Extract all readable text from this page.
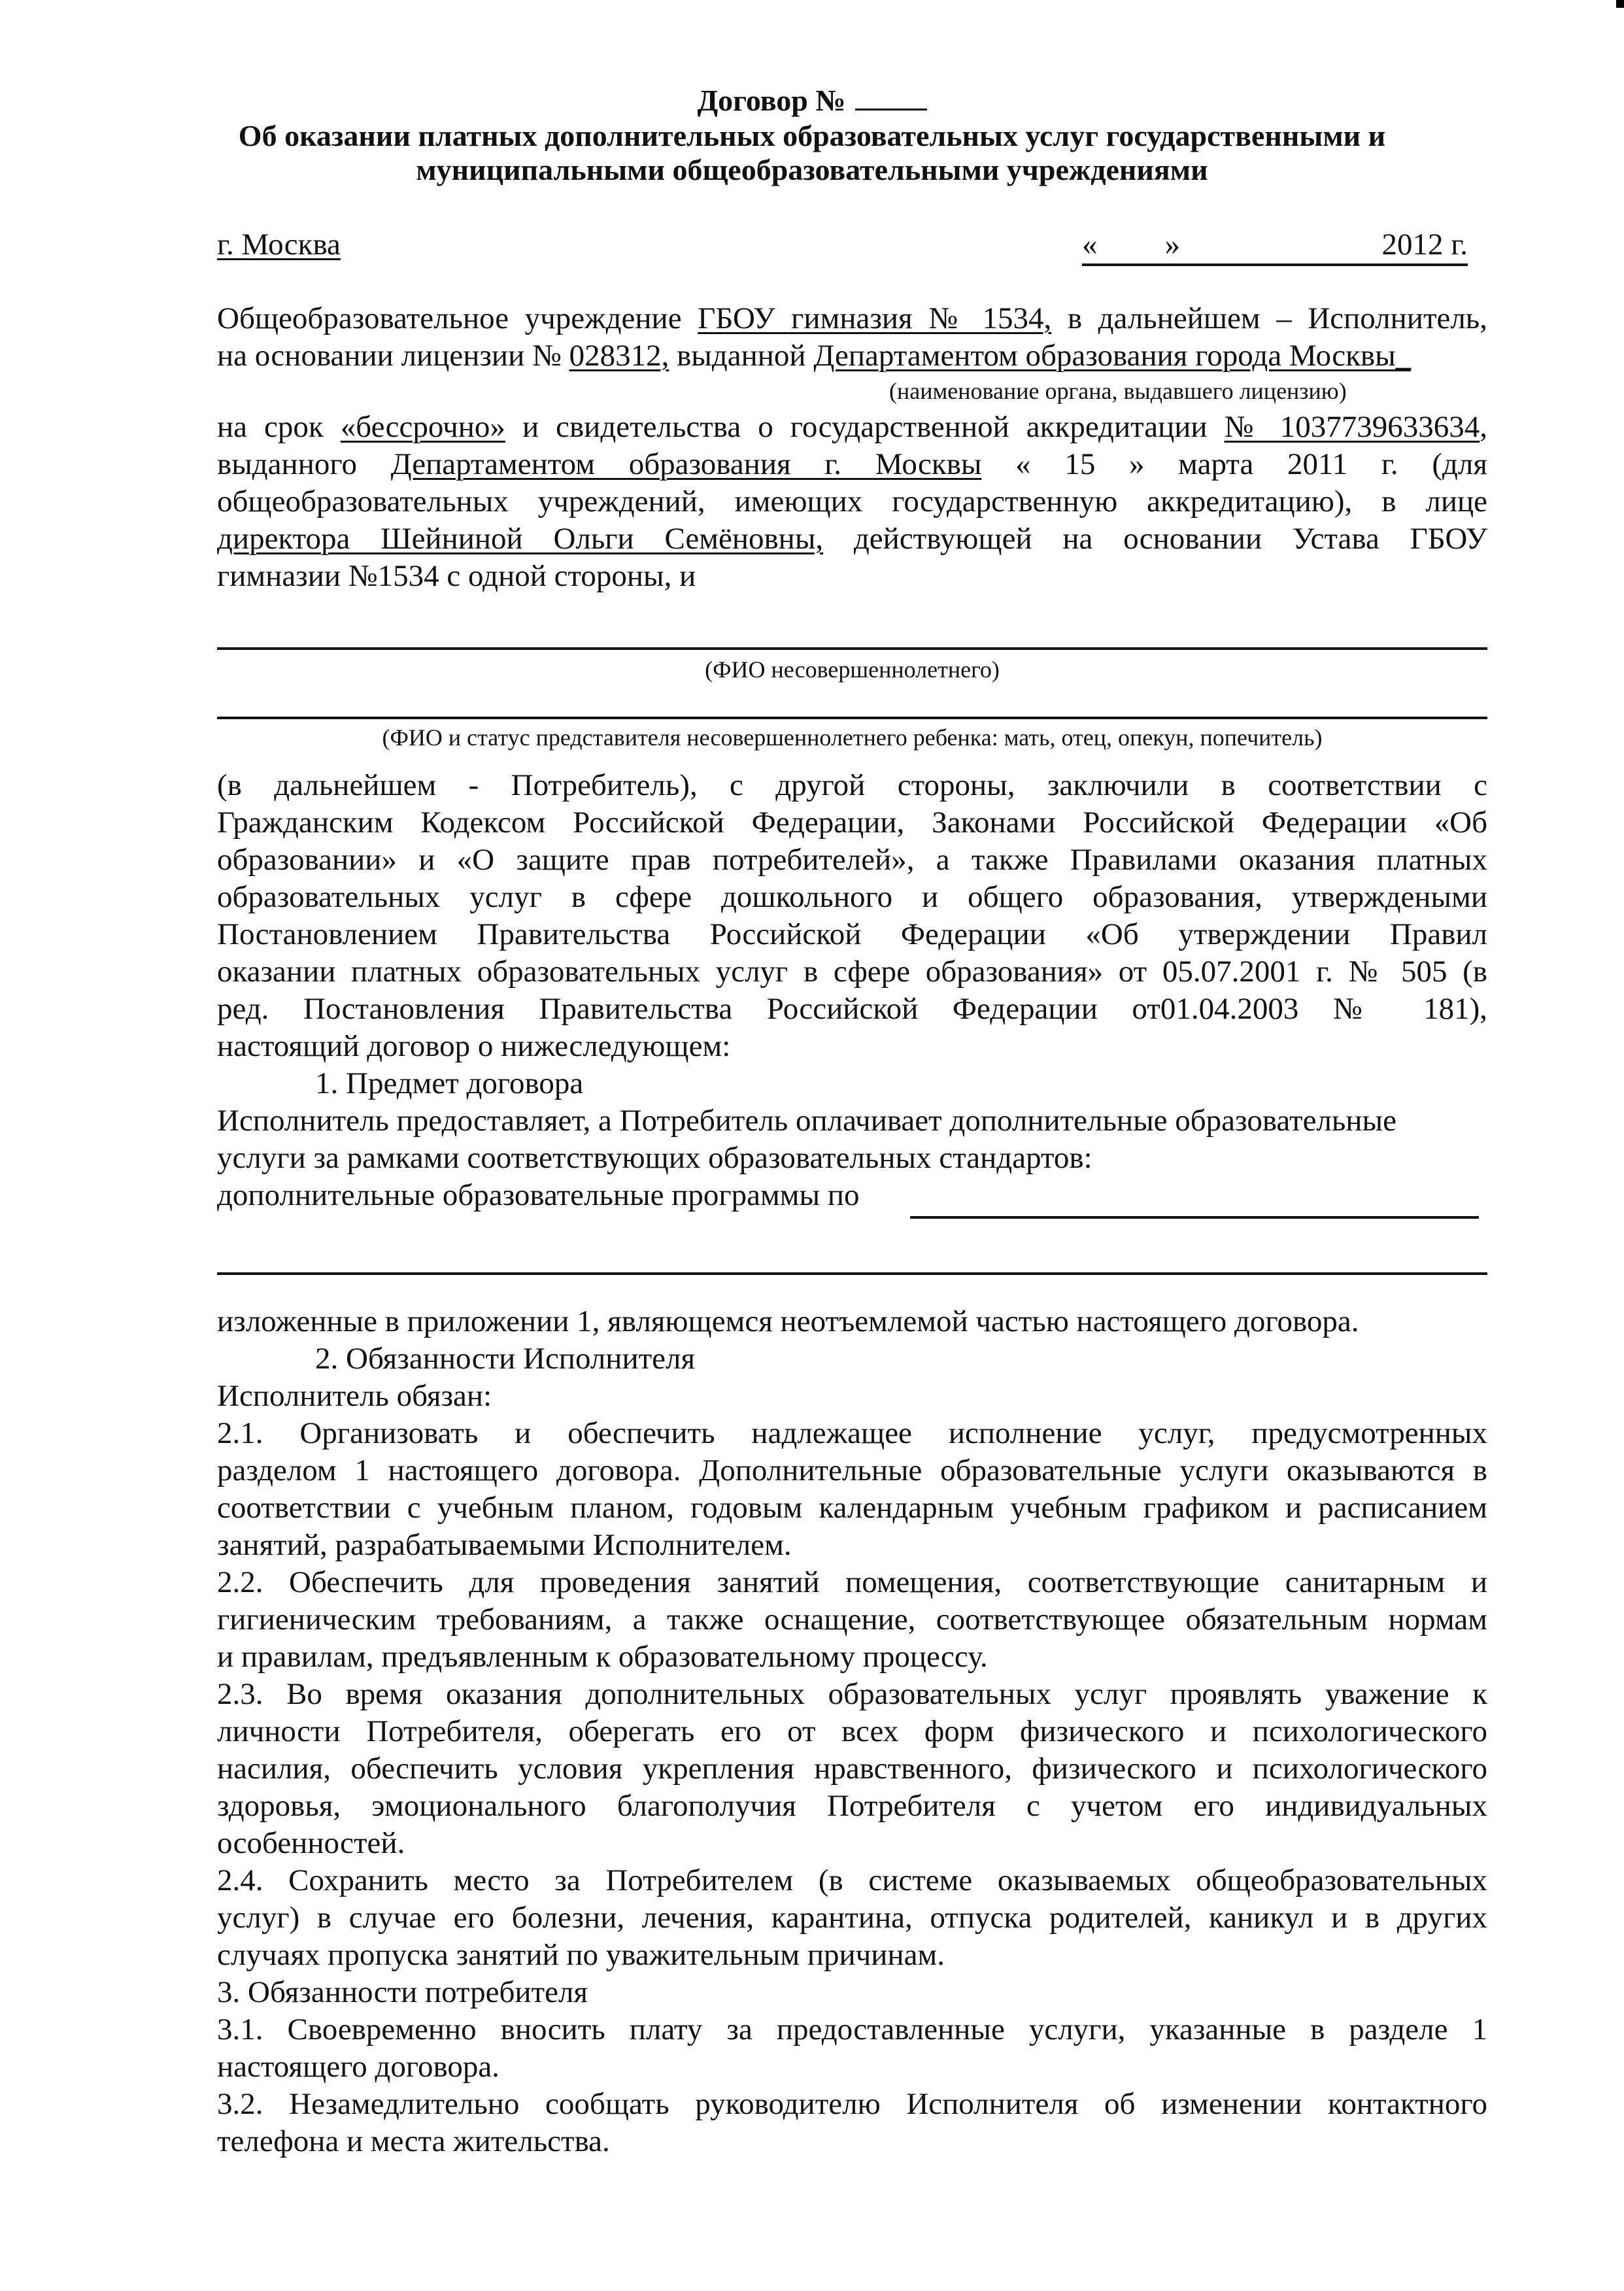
Договор №
Об оказании платных дополнительных образовательных услуг государственными и
муниципальными общеобразовательными учреждениями
г. Москва	« »	2012 г.
Общеобразовательное учреждение ГБОУ гимназия № 1534, в дальнейшем – Исполнитель,
на основании лицензии № 028312, выданной Департаментом образования города Москвы_
(наименование органа, выдавшего лицензию)
на срок «бессрочно» и свидетельства о государственной аккредитации № 1037739633634,
выданного Департаментом образования г. Москвы « 15 » марта 2011 г. (для
общеобразовательных учреждений, имеющих государственную аккредитацию), в лице
директора Шейниной Ольги Семёновны, действующей на основании Устава ГБОУ
гимназии №1534 с одной стороны, и
(ФИО несовершеннолетнего)
(ФИО и статус представителя несовершеннолетнего ребенка: мать, отец, опекун, попечитель)
(в дальнейшем - Потребитель), с другой стороны, заключили в соответствии с
Гражданским Кодексом Российской Федерации, Законами Российской Федерации «Об
образовании» и «О защите прав потребителей», а также Правилами оказания платных
образовательных услуг в сфере дошкольного и общего образования, утверждеными
Постановлением Правительства Российской Федерации «Об утверждении Правил
оказании платных образовательных услуг в сфере образования» от 05.07.2001 г. № 505 (в
ред. Постановления Правительства Российской Федерации от01.04.2003 № 181),
настоящий договор о нижеследующем:
1. Предмет договора
Исполнитель предоставляет, а Потребитель оплачивает дополнительные образовательные
услуги за рамками соответствующих образовательных стандартов:
дополнительные образовательные программы по
изложенные в приложении 1, являющемся неотъемлемой частью настоящего договора.
2. Обязанности Исполнителя
Исполнитель обязан:
2.1. Организовать и обеспечить надлежащее исполнение услуг, предусмотренных
разделом 1 настоящего договора. Дополнительные образовательные услуги оказываются в
соответствии с учебным планом, годовым календарным учебным графиком и расписанием
занятий, разрабатываемыми Исполнителем.
2.2. Обеспечить для проведения занятий помещения, соответствующие санитарным и
гигиеническим требованиям, а также оснащение, соответствующее обязательным нормам
и правилам, предъявленным к образовательному процессу.
2.3. Во время оказания дополнительных образовательных услуг проявлять уважение к
личности Потребителя, оберегать его от всех форм физического и психологического
насилия, обеспечить условия укрепления нравственного, физического и психологического
здоровья, эмоционального благополучия Потребителя с учетом его индивидуальных
особенностей.
2.4. Сохранить место за Потребителем (в системе оказываемых общеобразовательных
услуг) в случае его болезни, лечения, карантина, отпуска родителей, каникул и в других
случаях пропуска занятий по уважительным причинам.
3. Обязанности потребителя
3.1. Своевременно вносить плату за предоставленные услуги, указанные в разделе 1
настоящего договора.
3.2. Незамедлительно сообщать руководителю Исполнителя об изменении контактного
телефона и места жительства.
